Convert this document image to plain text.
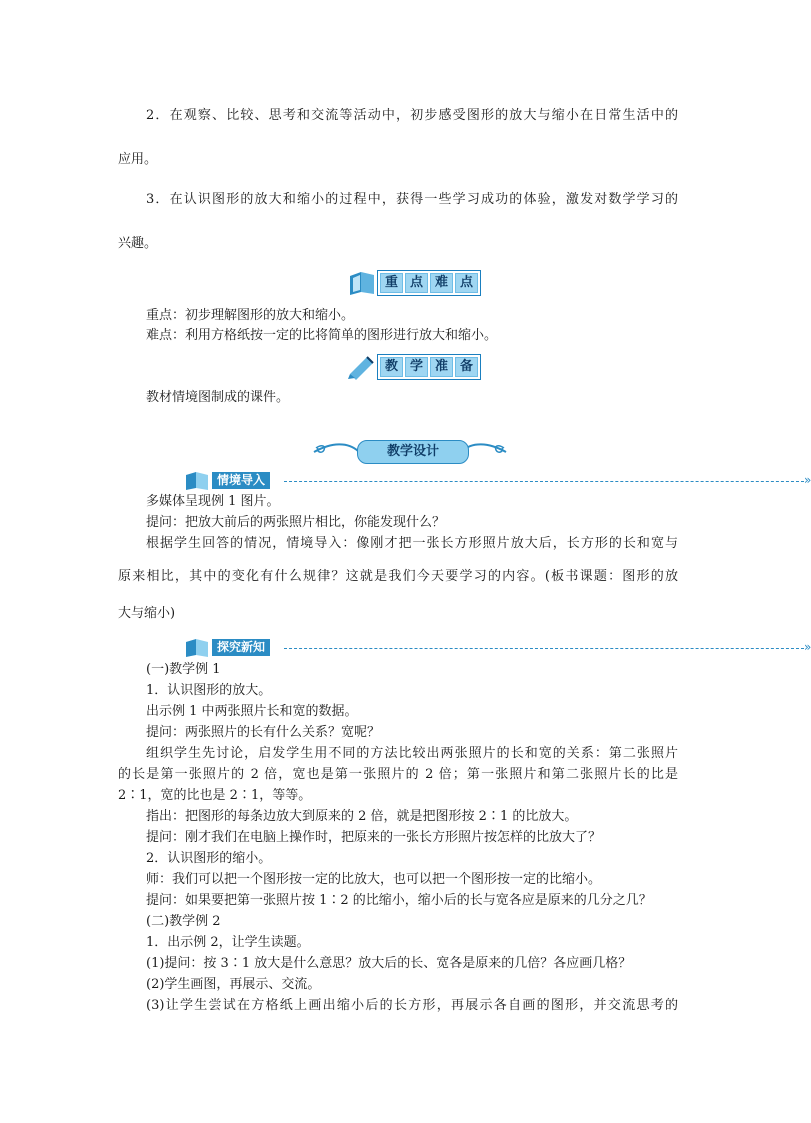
2．在观察、比较、思考和交流等活动中，初步感受图形的放大与缩小在日常生活中的
应用。
3．在认识图形的放大和缩小的过程中，获得一些学习成功的体验，激发对数学学习的
兴趣。
重 点 难 点
重点：初步理解图形的放大和缩小。
难点：利用方格纸按一定的比将简单的图形进行放大和缩小。
教 学 准 备
教材情境图制成的课件。
教学设计
情境导入	»
多媒体呈现例 1 图片。
提问：把放大前后的两张照片相比，你能发现什么？
根据学生回答的情况，情境导入：像刚才把一张长方形照片放大后，长方形的长和宽与
原来相比，其中的变化有什么规律？这就是我们今天要学习的内容。(板书课题：图形的放
大与缩小)
探究新知	»
(一)教学例 1
1．认识图形的放大。
出示例 1 中两张照片长和宽的数据。
提问：两张照片的长有什么关系？宽呢？
组织学生先讨论，启发学生用不同的方法比较出两张照片的长和宽的关系：第二张照片
的长是第一张照片的 2 倍，宽也是第一张照片的 2 倍；第一张照片和第二张照片长的比是
2∶1，宽的比也是 2∶1，等等。
指出：把图形的每条边放大到原来的 2 倍，就是把图形按 2∶1 的比放大。
提问：刚才我们在电脑上操作时，把原来的一张长方形照片按怎样的比放大了？
2．认识图形的缩小。
师：我们可以把一个图形按一定的比放大，也可以把一个图形按一定的比缩小。
提问：如果要把第一张照片按 1∶2 的比缩小，缩小后的长与宽各应是原来的几分之几？
(二)教学例 2
1．出示例 2，让学生读题。
(1)提问：按 3∶1 放大是什么意思？放大后的长、宽各是原来的几倍？各应画几格？
(2)学生画图，再展示、交流。
(3)让学生尝试在方格纸上画出缩小后的长方形，再展示各自画的图形，并交流思考的
